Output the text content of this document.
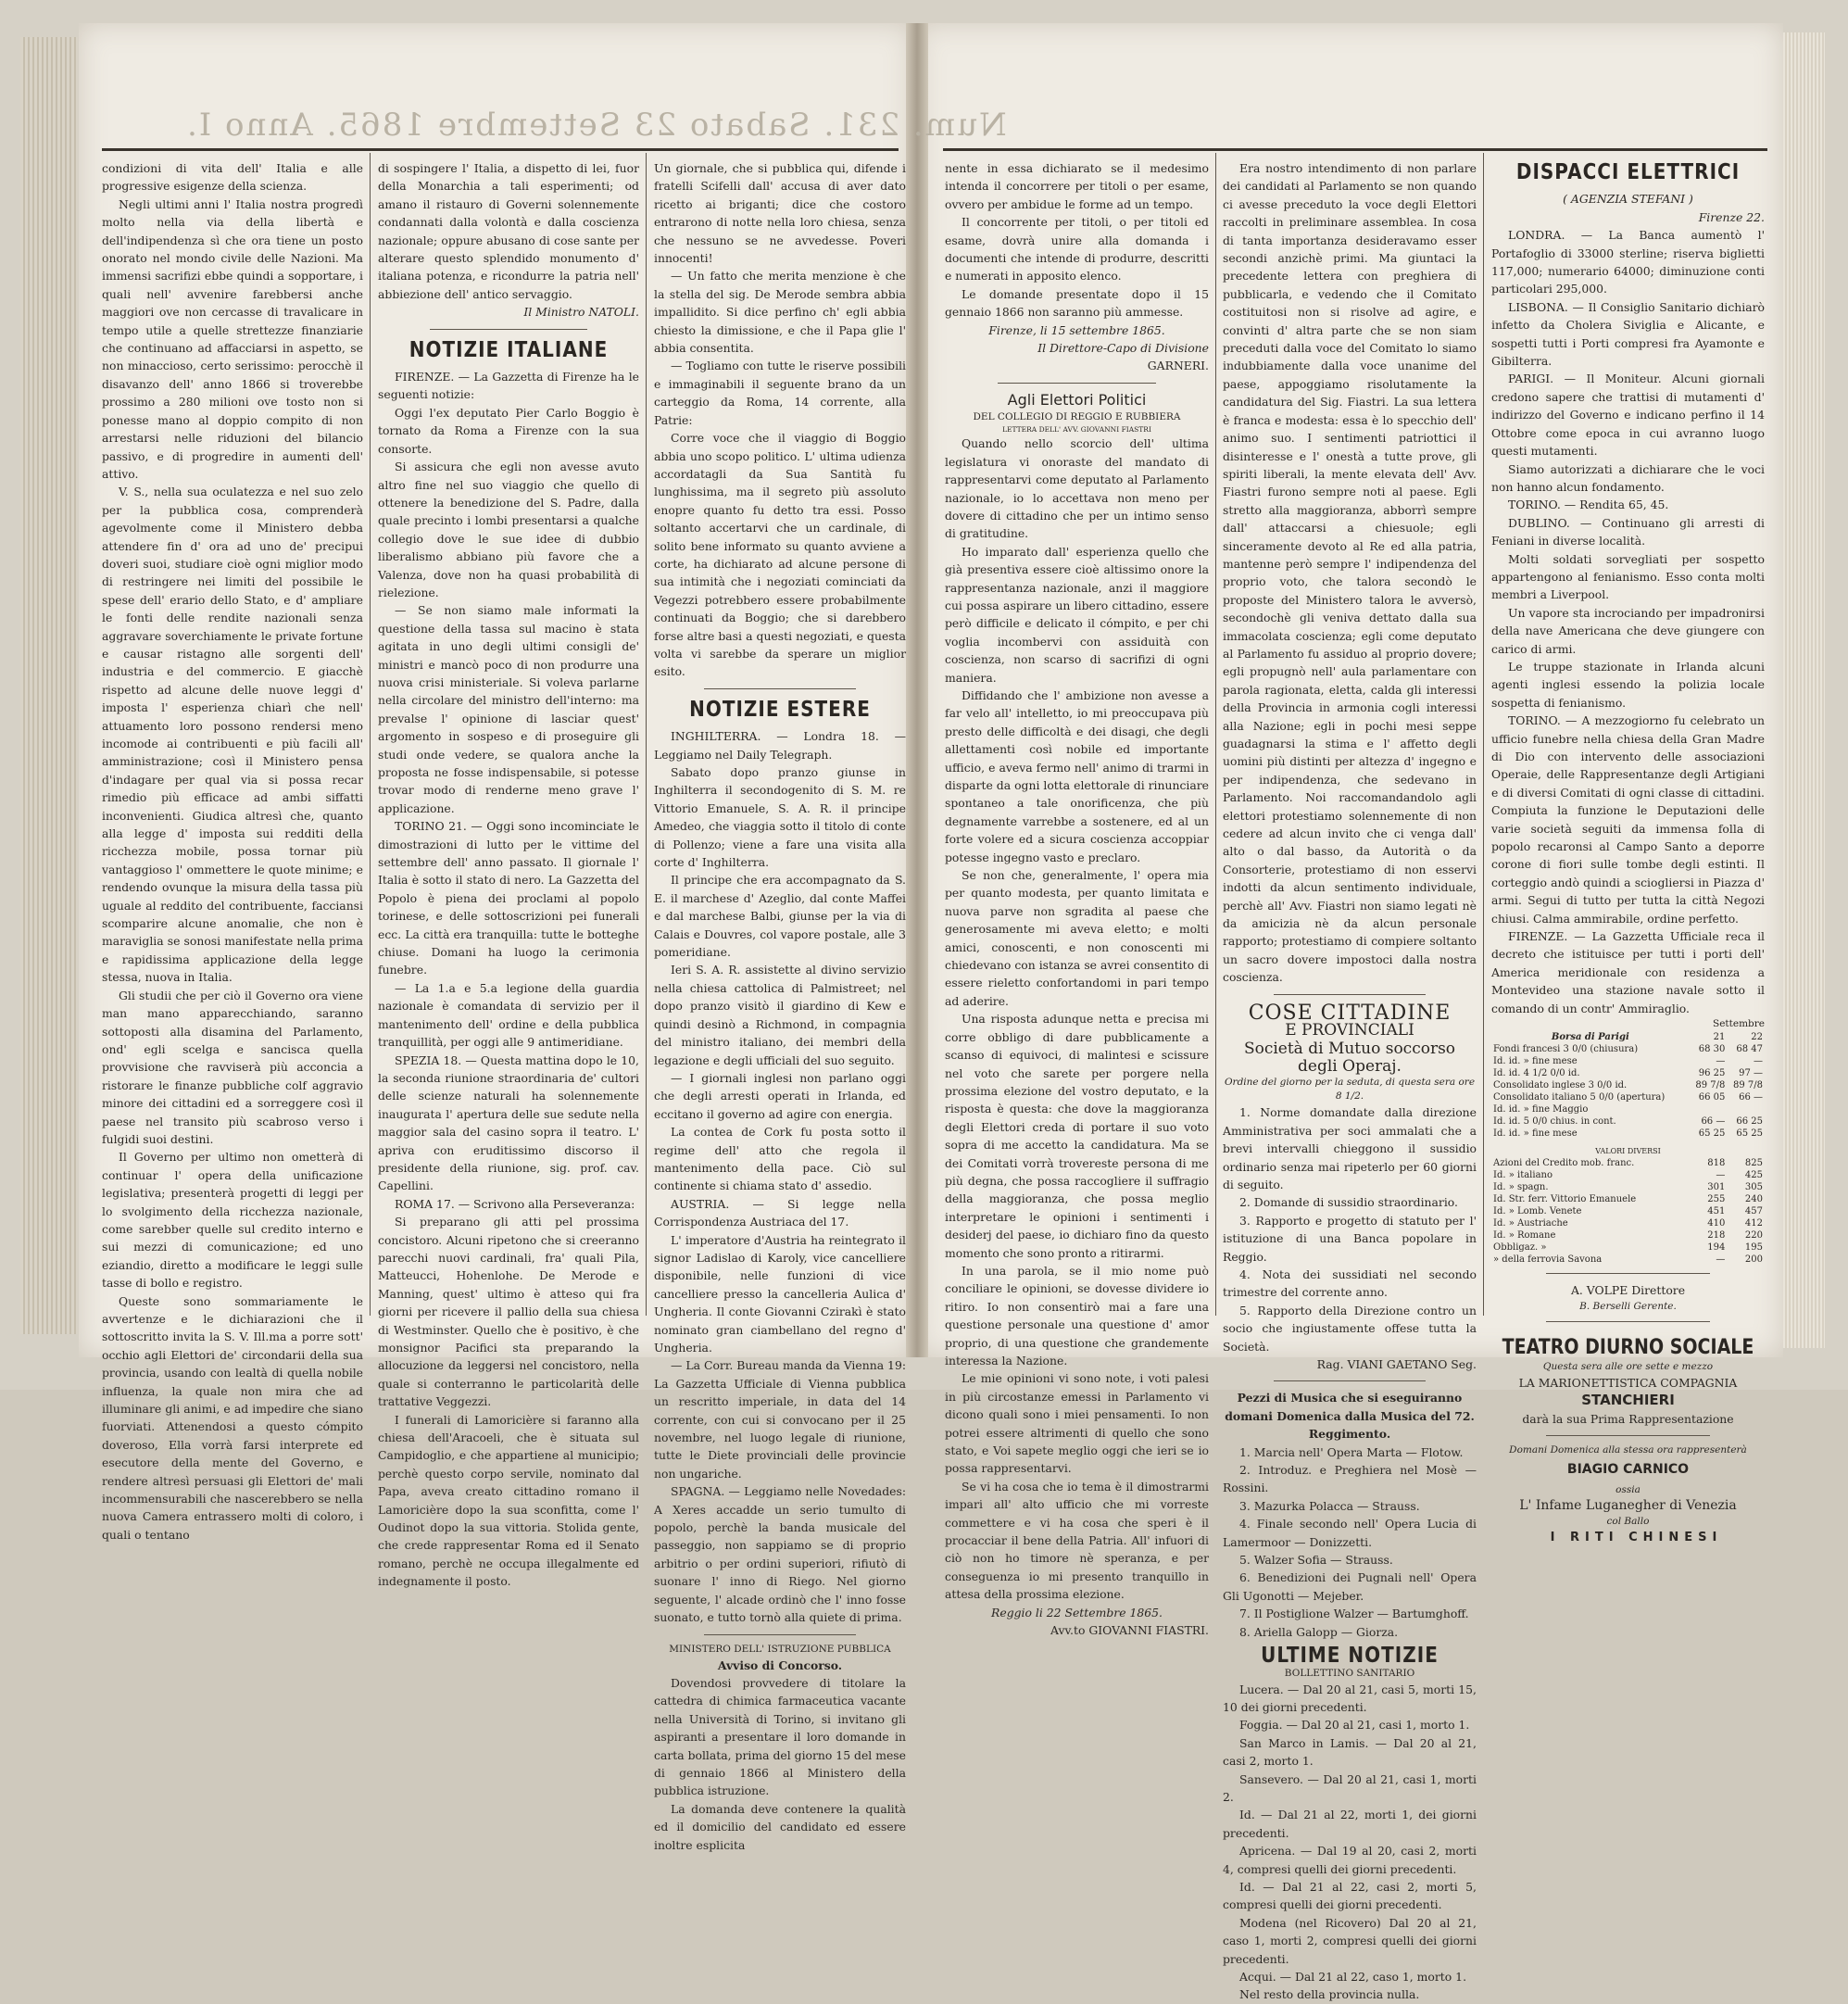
Num. 231. Sabato 23 Settembre 1865. Anno I.

condizioni di vita dell' Italia e alle progressive esigenze della scienza.

Negli ultimi anni l' Italia nostra progredì molto nella via della libertà e dell'indipendenza sì che ora tiene un posto onorato nel mondo civile delle Nazioni. Ma immensi sacrifizi ebbe quindi a sopportare, i quali nell' avvenire farebbersi anche maggiori ove non cercasse di travalicare in tempo utile a quelle strettezze finanziarie che continuano ad affacciarsi in aspetto, se non minaccioso, certo serissimo: perocchè il disavanzo dell' anno 1866 si troverebbe prossimo a 280 milioni ove tosto non si ponesse mano al doppio compito di non arrestarsi nelle riduzioni del bilancio passivo, e di progredire in aumenti dell' attivo.

V. S., nella sua oculatezza e nel suo zelo per la pubblica cosa, comprenderà agevolmente come il Ministero debba attendere fin d' ora ad uno de' precipui doveri suoi, studiare cioè ogni miglior modo di restringere nei limiti del possibile le spese dell' erario dello Stato, e d' ampliare le fonti delle rendite nazionali senza aggravare soverchiamente le private fortune e causar ristagno alle sorgenti dell' industria e del commercio. E giacchè rispetto ad alcune delle nuove leggi d' imposta l' esperienza chiarì che nell' attuamento loro possono rendersi meno incomode ai contribuenti e più facili all' amministrazione; così il Ministero pensa d'indagare per qual via si possa recar rimedio più efficace ad ambi siffatti inconvenienti. Giudica altresì che, quanto alla legge d' imposta sui redditi della ricchezza mobile, possa tornar più vantaggioso l' ommettere le quote minime; e rendendo ovunque la misura della tassa più uguale al reddito del contribuente, facciansi scomparire alcune anomalie, che non è maraviglia se sonosi manifestate nella prima e rapidissima applicazione della legge stessa, nuova in Italia.

Gli studii che per ciò il Governo ora viene man mano apparecchiando, saranno sottoposti alla disamina del Parlamento, ond' egli scelga e sancisca quella provvisione che ravviserà più acconcia a ristorare le finanze pubbliche colf aggravio minore dei cittadini ed a sorreggere così il paese nel transito più scabroso verso i fulgidi suoi destini.

Il Governo per ultimo non ometterà di continuar l' opera della unificazione legislativa; presenterà progetti di leggi per lo svolgimento della ricchezza nazionale, come sarebber quelle sul credito interno e sui mezzi di comunicazione; ed uno eziandio, diretto a modificare le leggi sulle tasse di bollo e registro.

Queste sono sommariamente le avvertenze e le dichiarazioni che il sottoscritto invita la S. V. Ill.ma a porre sott' occhio agli Elettori de' circondarii della sua provincia, usando con lealtà di quella nobile influenza, la quale non mira che ad illuminare gli animi, e ad impedire che siano fuorviati. Attenendosi a questo cómpito doveroso, Ella vorrà farsi interprete ed esecutore della mente del Governo, e rendere altresì persuasi gli Elettori de' mali incommensurabili che nascerebbero se nella nuova Camera entrassero molti di coloro, i quali o tentano

di sospingere l' Italia, a dispetto di lei, fuor della Monarchia a tali esperimenti; od amano il ristauro di Governi solennemente condannati dalla volontà e dalla coscienza nazionale; oppure abusano di cose sante per alterare questo splendido monumento d' italiana potenza, e ricondurre la patria nell' abbiezione dell' antico servaggio.

Il Ministro NATOLI.

NOTIZIE ITALIANE

FIRENZE. — La Gazzetta di Firenze ha le seguenti notizie:

Oggi l'ex deputato Pier Carlo Boggio è tornato da Roma a Firenze con la sua consorte.

Si assicura che egli non avesse avuto altro fine nel suo viaggio che quello di ottenere la benedizione del S. Padre, dalla quale precinto i lombi presentarsi a qualche collegio dove le sue idee di dubbio liberalismo abbiano più favore che a Valenza, dove non ha quasi probabilità di rielezione.

— Se non siamo male informati la questione della tassa sul macino è stata agitata in uno degli ultimi consigli de' ministri e mancò poco di non produrre una nuova crisi ministeriale. Si voleva parlarne nella circolare del ministro dell'interno: ma prevalse l' opinione di lasciar quest' argomento in sospeso e di proseguire gli studi onde vedere, se qualora anche la proposta ne fosse indispensabile, si potesse trovar modo di renderne meno grave l' applicazione.

TORINO 21. — Oggi sono incominciate le dimostrazioni di lutto per le vittime del settembre dell' anno passato. Il giornale l' Italia è sotto il stato di nero. La Gazzetta del Popolo è piena dei proclami al popolo torinese, e delle sottoscrizioni pei funerali ecc. La città era tranquilla: tutte le botteghe chiuse. Domani ha luogo la cerimonia funebre.

— La 1.a e 5.a legione della guardia nazionale è comandata di servizio per il mantenimento dell' ordine e della pubblica tranquillità, per oggi alle 9 antimeridiane.

SPEZIA 18. — Questa mattina dopo le 10, la seconda riunione straordinaria de' cultori delle scienze naturali ha solennemente inaugurata l' apertura delle sue sedute nella maggior sala del casino sopra il teatro. L' apriva con eruditissimo discorso il presidente della riunione, sig. prof. cav. Capellini.

ROMA 17. — Scrivono alla Perseveranza:

Si preparano gli atti pel prossima concistoro. Alcuni ripetono che si creeranno parecchi nuovi cardinali, fra' quali Pila, Matteucci, Hohenlohe. De Merode e Manning, quest' ultimo è atteso qui fra giorni per ricevere il pallio della sua chiesa di Westminster. Quello che è positivo, è che monsignor Pacifici sta preparando la allocuzione da leggersi nel concistoro, nella quale si conterranno le particolarità delle trattative Veggezzi.

I funerali di Lamoricière si faranno alla chiesa dell'Aracoeli, che è situata sul Campidoglio, e che appartiene al municipio; perchè questo corpo servile, nominato dal Papa, aveva creato cittadino romano il Lamoricière dopo la sua sconfitta, come l' Oudinot dopo la sua vittoria. Stolida gente, che crede rappresentar Roma ed il Senato romano, perchè ne occupa illegalmente ed indegnamente il posto.

Un giornale, che si pubblica qui, difende i fratelli Scifelli dall' accusa di aver dato ricetto ai briganti; dice che costoro entrarono di notte nella loro chiesa, senza che nessuno se ne avvedesse. Poveri innocenti!

— Un fatto che merita menzione è che la stella del sig. De Merode sembra abbia impallidito. Si dice perfino ch' egli abbia chiesto la dimissione, e che il Papa glie l' abbia consentita.

— Togliamo con tutte le riserve possibili e immaginabili il seguente brano da un carteggio da Roma, 14 corrente, alla Patrie:

Corre voce che il viaggio di Boggio abbia uno scopo politico. L' ultima udienza accordatagli da Sua Santità fu lunghissima, ma il segreto più assoluto enopre quanto fu detto tra essi. Posso soltanto accertarvi che un cardinale, di solito bene informato su quanto avviene a corte, ha dichiarato ad alcune persone di sua intimità che i negoziati cominciati da Vegezzi potrebbero essere probabilmente continuati da Boggio; che si darebbero forse altre basi a questi negoziati, e questa volta vi sarebbe da sperare un miglior esito.

NOTIZIE ESTERE

INGHILTERRA. — Londra 18. — Leggiamo nel Daily Telegraph.

Sabato dopo pranzo giunse in Inghilterra il secondogenito di S. M. re Vittorio Emanuele, S. A. R. il principe Amedeo, che viaggia sotto il titolo di conte di Pollenzo; viene a fare una visita alla corte d' Inghilterra.

Il principe che era accompagnato da S. E. il marchese d' Azeglio, dal conte Maffei e dal marchese Balbi, giunse per la via di Calais e Douvres, col vapore postale, alle 3 pomeridiane.

Ieri S. A. R. assistette al divino servizio nella chiesa cattolica di Palmistreet; nel dopo pranzo visitò il giardino di Kew e quindi desinò a Richmond, in compagnia del ministro italiano, dei membri della legazione e degli ufficiali del suo seguito.

— I giornali inglesi non parlano oggi che degli arresti operati in Irlanda, ed eccitano il governo ad agire con energia.

La contea de Cork fu posta sotto il regime dell' atto che regola il mantenimento della pace. Ciò sul continente si chiama stato d' assedio.

AUSTRIA. — Si legge nella Corrispondenza Austriaca del 17.

L' imperatore d'Austria ha reintegrato il signor Ladislao di Karoly, vice cancelliere disponibile, nelle funzioni di vice cancelliere presso la cancelleria Aulica d' Ungheria. Il conte Giovanni Czirakì è stato nominato gran ciambellano del regno d' Ungheria.

— La Corr. Bureau manda da Vienna 19: La Gazzetta Ufficiale di Vienna pubblica un rescritto imperiale, in data del 14 corrente, con cui si convocano per il 25 novembre, nel luogo legale di riunione, tutte le Diete provinciali delle provincie non ungariche.

SPAGNA. — Leggiamo nelle Novedades: A Xeres accadde un serio tumulto di popolo, perchè la banda musicale del passeggio, non sappiamo se di proprio arbitrio o per ordini superiori, rifiutò di suonare l' inno di Riego. Nel giorno seguente, l' alcade ordinò che l' inno fosse suonato, e tutto tornò alla quiete di prima.

MINISTERO DELL' ISTRUZIONE PUBBLICA

Avviso di Concorso.

Dovendosi provvedere di titolare la cattedra di chimica farmaceutica vacante nella Università di Torino, si invitano gli aspiranti a presentare il loro domande in carta bollata, prima del giorno 15 del mese di gennaio 1866 al Ministero della pubblica istruzione.

La domanda deve contenere la qualità ed il domicilio del candidato ed essere inoltre esplicita

nente in essa dichiarato se il medesimo intenda il concorrere per titoli o per esame, ovvero per ambidue le forme ad un tempo.

Il concorrente per titoli, o per titoli ed esame, dovrà unire alla domanda i documenti che intende di produrre, descritti e numerati in apposito elenco.

Le domande presentate dopo il 15 gennaio 1866 non saranno più ammesse.

Firenze, li 15 settembre 1865.

Il Direttore-Capo di Divisione

GARNERI.

Agli Elettori Politici

DEL COLLEGIO DI REGGIO E RUBBIERA

LETTERA DELL' AVV. GIOVANNI FIASTRI

Quando nello scorcio dell' ultima legislatura vi onoraste del mandato di rappresentarvi come deputato al Parlamento nazionale, io lo accettava non meno per dovere di cittadino che per un intimo senso di gratitudine.

Ho imparato dall' esperienza quello che già presentiva essere cioè altissimo onore la rappresentanza nazionale, anzi il maggiore cui possa aspirare un libero cittadino, essere però difficile e delicato il cómpito, e per chi voglia incombervi con assiduità con coscienza, non scarso di sacrifizi di ogni maniera.

Diffidando che l' ambizione non avesse a far velo all' intelletto, io mi preoccupava più presto delle difficoltà e dei disagi, che degli allettamenti così nobile ed importante ufficio, e aveva fermo nell' animo di trarmi in disparte da ogni lotta elettorale di rinunciare spontaneo a tale onorificenza, che più degnamente varrebbe a sostenere, ed al un forte volere ed a sicura coscienza accoppiar potesse ingegno vasto e preclaro.

Se non che, generalmente, l' opera mia per quanto modesta, per quanto limitata e nuova parve non sgradita al paese che generosamente mi aveva eletto; e molti amici, conoscenti, e non conoscenti mi chiedevano con istanza se avrei consentito di essere rieletto confortandomi in pari tempo ad aderire.

Una risposta adunque netta e precisa mi corre obbligo di dare pubblicamente a scanso di equivoci, di malintesi e scissure nel voto che sarete per porgere nella prossima elezione del vostro deputato, e la risposta è questa: che dove la maggioranza degli Elettori creda di portare il suo voto sopra di me accetto la candidatura. Ma se dei Comitati vorrà trovereste persona di me più degna, che possa raccogliere il suffragio della maggioranza, che possa meglio interpretare le opinioni i sentimenti i desiderj del paese, io dichiaro fino da questo momento che sono pronto a ritirarmi.

In una parola, se il mio nome può conciliare le opinioni, se dovesse dividere io ritiro. Io non consentirò mai a fare una questione personale una questione d' amor proprio, di una questione che grandemente interessa la Nazione.

Le mie opinioni vi sono note, i voti palesi in più circostanze emessi in Parlamento vi dicono quali sono i miei pensamenti. Io non potrei essere altrimenti di quello che sono stato, e Voi sapete meglio oggi che ieri se io possa rappresentarvi.

Se vi ha cosa che io tema è il dimostrarmi impari all' alto ufficio che mi vorreste commettere e vi ha cosa che speri è il procacciar il bene della Patria. All' infuori di ciò non ho timore nè speranza, e per conseguenza io mi presento tranquillo in attesa della prossima elezione.

Reggio li 22 Settembre 1865.

Avv.to GIOVANNI FIASTRI.

Era nostro intendimento di non parlare dei candidati al Parlamento se non quando ci avesse preceduto la voce degli Elettori raccolti in preliminare assemblea. In cosa di tanta importanza desideravamo esser secondi anzichè primi. Ma giuntaci la precedente lettera con preghiera di pubblicarla, e vedendo che il Comitato costituitosi non si risolve ad agire, e convinti d' altra parte che se non siam preceduti dalla voce del Comitato lo siamo indubbiamente dalla voce unanime del paese, appoggiamo risolutamente la candidatura del Sig. Fiastri. La sua lettera è franca e modesta: essa è lo specchio dell' animo suo. I sentimenti patriottici il disinteresse e l' onestà a tutte prove, gli spiriti liberali, la mente elevata dell' Avv. Fiastri furono sempre noti al paese. Egli stretto alla maggioranza, abborrì sempre dall' attaccarsi a chiesuole; egli sinceramente devoto al Re ed alla patria, mantenne però sempre l' indipendenza del proprio voto, che talora secondò le proposte del Ministero talora le avversò, secondochè gli veniva dettato dalla sua immacolata coscienza; egli come deputato al Parlamento fu assiduo al proprio dovere; egli propugnò nell' aula parlamentare con parola ragionata, eletta, calda gli interessi della Provincia in armonia cogli interessi alla Nazione; egli in pochi mesi seppe guadagnarsi la stima e l' affetto degli uomini più distinti per altezza d' ingegno e per indipendenza, che sedevano in Parlamento. Noi raccomandandolo agli elettori protestiamo solennemente di non cedere ad alcun invito che ci venga dall' alto o dal basso, da Autorità o da Consorterie, protestiamo di non esservi indotti da alcun sentimento individuale, perchè all' Avv. Fiastri non siamo legati nè da amicizia nè da alcun personale rapporto; protestiamo di compiere soltanto un sacro dovere impostoci dalla nostra coscienza.

COSE CITTADINE
E PROVINCIALI
Società di Mutuo soccorso
degli Operaj.

Ordine del giorno per la seduta, di questa sera ore 8 1/2.

1. Norme domandate dalla direzione Amministrativa per soci ammalati che a brevi intervalli chieggono il sussidio ordinario senza mai ripeterlo per 60 giorni di seguito.

2. Domande di sussidio straordinario.

3. Rapporto e progetto di statuto per l' istituzione di una Banca popolare in Reggio.

4. Nota dei sussidiati nel secondo trimestre del corrente anno.

5. Rapporto della Direzione contro un socio che ingiustamente offese tutta la Società.

Rag. VIANI GAETANO Seg.

Pezzi di Musica che si eseguiranno domani Domenica dalla Musica del 72. Reggimento.

1. Marcia nell' Opera Marta — Flotow.

2. Introduz. e Preghiera nel Mosè — Rossini.

3. Mazurka Polacca — Strauss.

4. Finale secondo nell' Opera Lucia di Lamermoor — Donizzetti.

5. Walzer Sofia — Strauss.

6. Benedizioni dei Pugnali nell' Opera Gli Ugonotti — Mejeber.

7. Il Postiglione Walzer — Bartumghoff.

8. Ariella Galopp — Giorza.

ULTIME NOTIZIE

BOLLETTINO SANITARIO

Lucera. — Dal 20 al 21, casi 5, morti 15, 10 dei giorni precedenti.

Foggia. — Dal 20 al 21, casi 1, morto 1.

San Marco in Lamis. — Dal 20 al 21, casi 2, morto 1.

Sansevero. — Dal 20 al 21, casi 1, morti 2.

Id. — Dal 21 al 22, morti 1, dei giorni precedenti.

Apricena. — Dal 19 al 20, casi 2, morti 4, compresi quelli dei giorni precedenti.

Id. — Dal 21 al 22, casi 2, morti 5, compresi quelli dei giorni precedenti.

Modena (nel Ricovero) Dal 20 al 21, caso 1, morti 2, compresi quelli dei giorni precedenti.

Acqui. — Dal 21 al 22, caso 1, morto 1.

Nel resto della provincia nulla.

DISPACCI ELETTRICI

( AGENZIA STEFANI )

Firenze 22.

LONDRA. — La Banca aumentò l' Portafoglio di 33000 sterline; riserva biglietti 117,000; numerario 64000; diminuzione conti particolari 295,000.

LISBONA. — Il Consiglio Sanitario dichiarò infetto da Cholera Siviglia e Alicante, e sospetti tutti i Porti compresi fra Ayamonte e Gibilterra.

PARIGI. — Il Moniteur. Alcuni giornali credono sapere che trattisi di mutamenti d' indirizzo del Governo e indicano perfino il 14 Ottobre come epoca in cui avranno luogo questi mutamenti.

Siamo autorizzati a dichiarare che le voci non hanno alcun fondamento.

TORINO. — Rendita 65, 45.

DUBLINO. — Continuano gli arresti di Feniani in diverse località.

Molti soldati sorvegliati per sospetto appartengono al fenianismo. Esso conta molti membri a Liverpool.

Un vapore sta incrociando per impadronirsi della nave Americana che deve giungere con carico di armi.

Le truppe stazionate in Irlanda alcuni agenti inglesi essendo la polizia locale sospetta di fenianismo.

TORINO. — A mezzogiorno fu celebrato un ufficio funebre nella chiesa della Gran Madre di Dio con intervento delle associazioni Operaie, delle Rappresentanze degli Artigiani e di diversi Comitati di ogni classe di cittadini. Compiuta la funzione le Deputazioni delle varie società seguiti da immensa folla di popolo recaronsi al Campo Santo a deporre corone di fiori sulle tombe degli estinti. Il corteggio andò quindi a sciogliersi in Piazza d' armi. Segui di tutto per tutta la città Negozi chiusi. Calma ammirabile, ordine perfetto.

FIRENZE. — La Gazzetta Ufficiale reca il decreto che istituisce per tutti i porti dell' America meridionale con residenza a Montevideo una stazione navale sotto il comando di un contr' Ammiraglio.

Settembre

Borsa di Parigi	21	22
Fondi francesi 3 0/0 (chiusura)	68 30	68 47
Id. id. » fine mese	—	—
Id. id. 4 1/2 0/0 id.	96 25	97 —
Consolidato inglese 3 0/0 id.	89 7/8	89 7/8
Consolidato italiano 5 0/0 (apertura)	66 05	66 —
Id. id. » fine Maggio		
Id. id. 5 0/0 chius. in cont.	66 —	66 25
Id. id. » fine mese	65 25	65 25
VALORI DIVERSI		
Azioni del Credito mob. franc.	818	825
Id. » italiano	—	425
Id. » spagn.	301	305
Id. Str. ferr. Vittorio Emanuele	255	240
Id. » Lomb. Venete	451	457
Id. » Austriache	410	412
Id. » Romane	218	220
Obbligaz. »	194	195
» della ferrovia Savona	—	200

A. VOLPE Direttore

B. Berselli Gerente.

TEATRO DIURNO SOCIALE

Questa sera alle ore sette e mezzo

LA MARIONETTISTICA COMPAGNIA

STANCHIERI

darà la sua Prima Rappresentazione

Domani Domenica alla stessa ora rappresenterà

BIAGIO CARNICO

ossia

L' Infame Luganegher di Venezia

col Ballo

I RITI CHINESI
